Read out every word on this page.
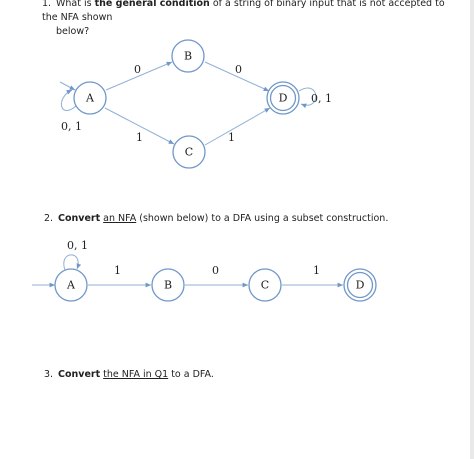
1. What is the general condition of a string of binary input that is not accepted to the NFA shown
below?
2. Convert an NFA (shown below) to a DFA using a subset construction.
3. Convert the NFA in Q1 to a DFA.
A
B
C
D
0	0
1	1
0, 1
0, 1
A	B	C	D
0, 1
1	0	1
